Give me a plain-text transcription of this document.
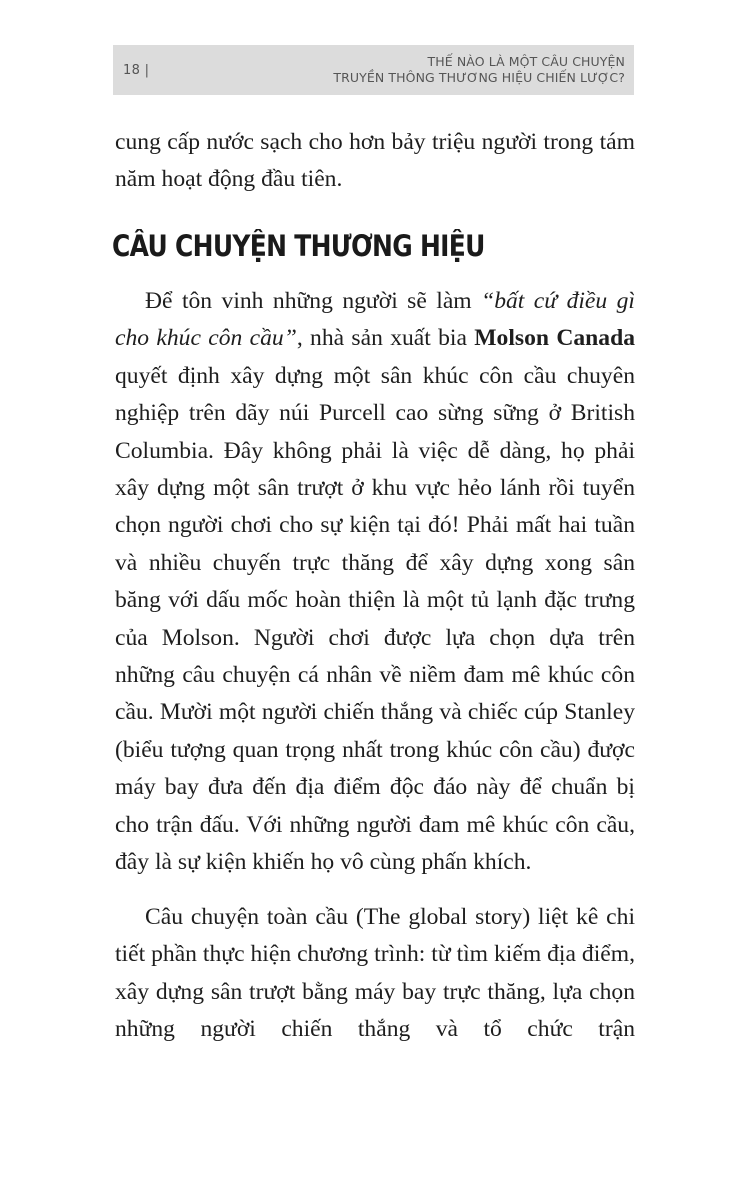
18 |
THẾ NÀO LÀ MỘT CÂU CHUYỆN
TRUYỀN THÔNG THƯƠNG HIỆU CHIẾN LƯỢC?

cung cấp nước sạch cho hơn bảy triệu người trong tám năm hoạt động đầu tiên.

CÂU CHUYỆN THƯƠNG HIỆU

Để tôn vinh những người sẽ làm “bất cứ điều gì cho khúc côn cầu”, nhà sản xuất bia Molson Canada quyết định xây dựng một sân khúc côn cầu chuyên nghiệp trên dãy núi Purcell cao sừng sững ở British Columbia. Đây không phải là việc dễ dàng, họ phải xây dựng một sân trượt ở khu vực hẻo lánh rồi tuyển chọn người chơi cho sự kiện tại đó! Phải mất hai tuần và nhiều chuyến trực thăng để xây dựng xong sân băng với dấu mốc hoàn thiện là một tủ lạnh đặc trưng của Molson. Người chơi được lựa chọn dựa trên những câu chuyện cá nhân về niềm đam mê khúc côn cầu. Mười một người chiến thắng và chiếc cúp Stanley (biểu tượng quan trọng nhất trong khúc côn cầu) được máy bay đưa đến địa điểm độc đáo này để chuẩn bị cho trận đấu. Với những người đam mê khúc côn cầu, đây là sự kiện khiến họ vô cùng phấn khích.

Câu chuyện toàn cầu (The global story) liệt kê chi tiết phần thực hiện chương trình: từ tìm kiếm địa điểm, xây dựng sân trượt bằng máy bay trực thăng, lựa chọn những người chiến thắng và tổ chức trận
